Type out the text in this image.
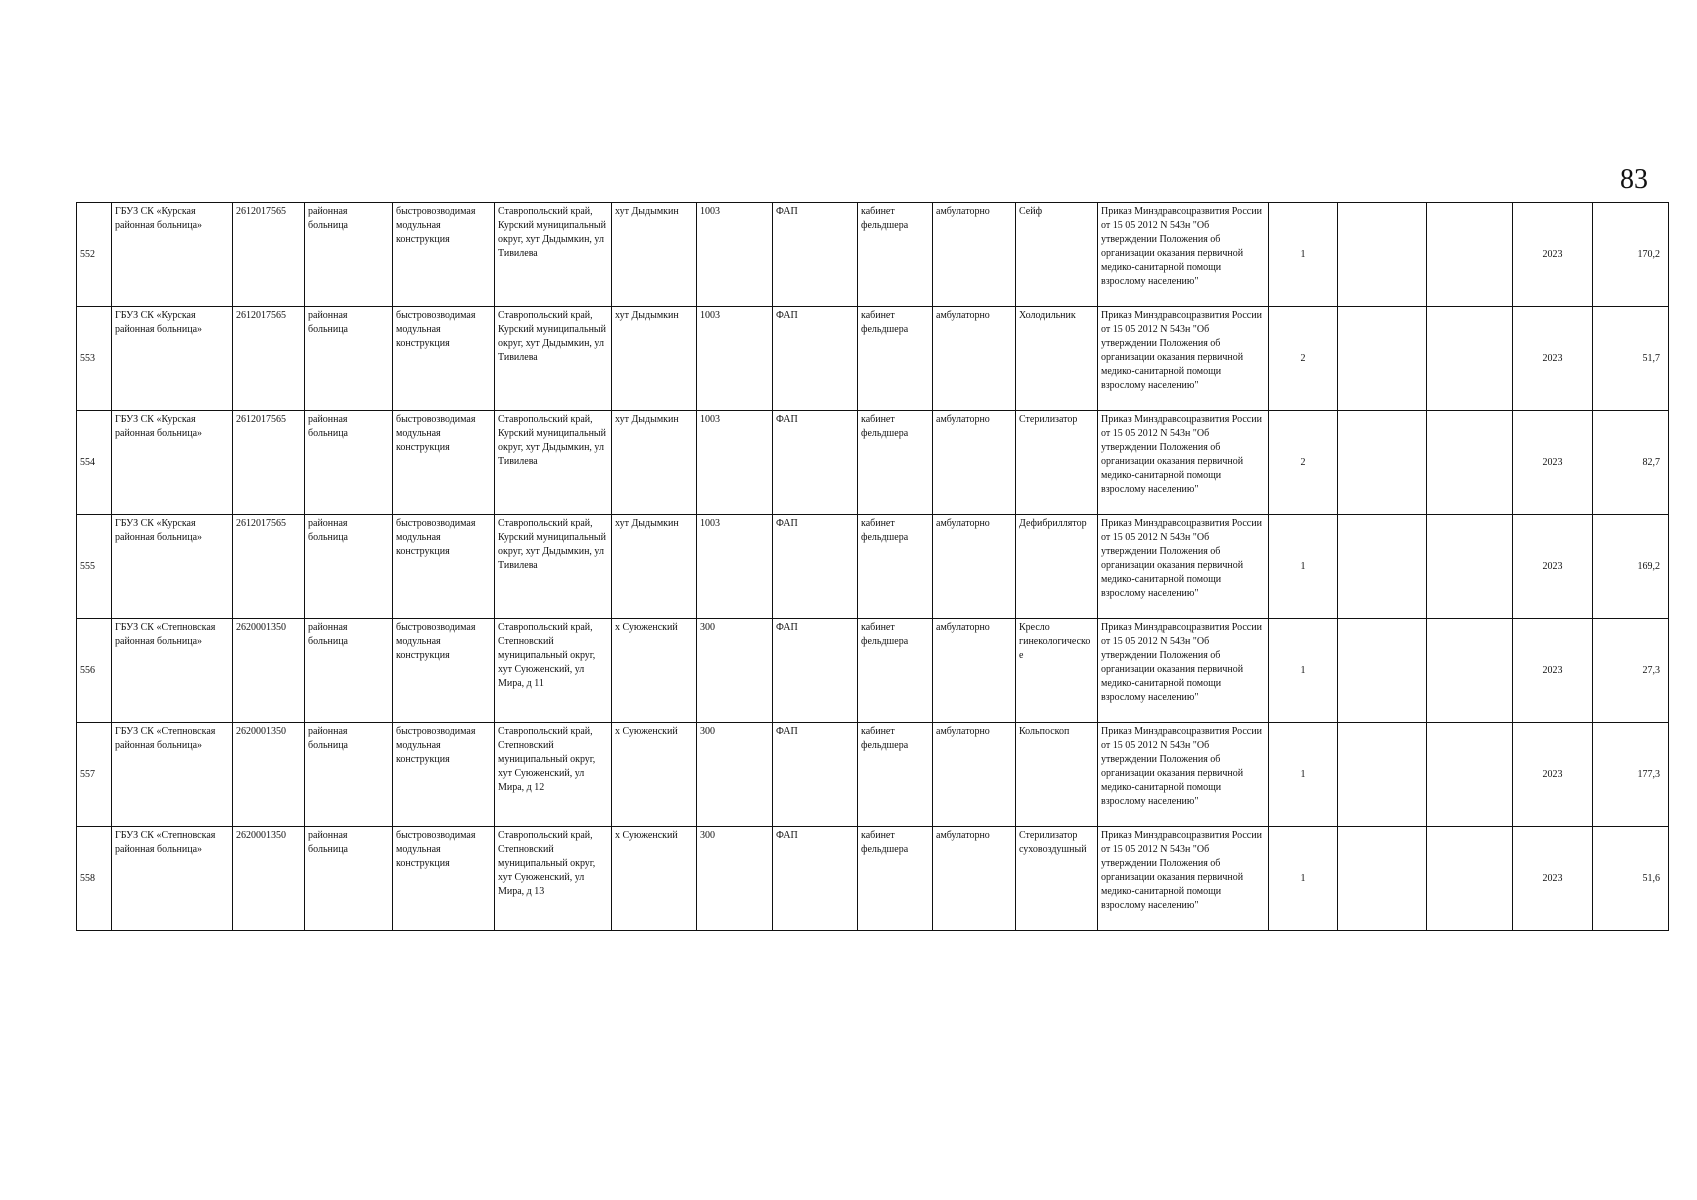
83
552	ГБУЗ СК «Курская районная больница»	2612017565	районная больница	быстровозводимая модульная конструкция	Ставропольский край, Курский муниципальный округ, хут Дыдымкин, ул Тивилева	хут Дыдымкин	1003	ФАП	кабинет фельдшера	амбулаторно	Сейф	Приказ Минздравсоцразвития России от 15 05 2012 N 543н "Об утверждении Положения об организации оказания первичной медико-санитарной помощи взрослому населению"	1			2023	170,2
553	ГБУЗ СК «Курская районная больница»	2612017565	районная больница	быстровозводимая модульная конструкция	Ставропольский край, Курский муниципальный округ, хут Дыдымкин, ул Тивилева	хут Дыдымкин	1003	ФАП	кабинет фельдшера	амбулаторно	Холодильник	Приказ Минздравсоцразвития России от 15 05 2012 N 543н "Об утверждении Положения об организации оказания первичной медико-санитарной помощи взрослому населению"	2			2023	51,7
554	ГБУЗ СК «Курская районная больница»	2612017565	районная больница	быстровозводимая модульная конструкция	Ставропольский край, Курский муниципальный округ, хут Дыдымкин, ул Тивилева	хут Дыдымкин	1003	ФАП	кабинет фельдшера	амбулаторно	Стерилизатор	Приказ Минздравсоцразвития России от 15 05 2012 N 543н "Об утверждении Положения об организации оказания первичной медико-санитарной помощи взрослому населению"	2			2023	82,7
555	ГБУЗ СК «Курская районная больница»	2612017565	районная больница	быстровозводимая модульная конструкция	Ставропольский край, Курский муниципальный округ, хут Дыдымкин, ул Тивилева	хут Дыдымкин	1003	ФАП	кабинет фельдшера	амбулаторно	Дефибриллятор	Приказ Минздравсоцразвития России от 15 05 2012 N 543н "Об утверждении Положения об организации оказания первичной медико-санитарной помощи взрослому населению"	1			2023	169,2
556	ГБУЗ СК «Степновская районная больница»	2620001350	районная больница	быстровозводимая модульная конструкция	Ставропольский край, Степновский муниципальный округ, хут Суюженский, ул Мира, д 11	х Суюженский	300	ФАП	кабинет фельдшера	амбулаторно	Кресло гинекологическое	Приказ Минздравсоцразвития России от 15 05 2012 N 543н "Об утверждении Положения об организации оказания первичной медико-санитарной помощи взрослому населению"	1			2023	27,3
557	ГБУЗ СК «Степновская районная больница»	2620001350	районная больница	быстровозводимая модульная конструкция	Ставропольский край, Степновский муниципальный округ, хут Суюженский, ул Мира, д 12	х Суюженский	300	ФАП	кабинет фельдшера	амбулаторно	Кольпоскоп	Приказ Минздравсоцразвития России от 15 05 2012 N 543н "Об утверждении Положения об организации оказания первичной медико-санитарной помощи взрослому населению"	1			2023	177,3
558	ГБУЗ СК «Степновская районная больница»	2620001350	районная больница	быстровозводимая модульная конструкция	Ставропольский край, Степновский муниципальный округ, хут Суюженский, ул Мира, д 13	х Суюженский	300	ФАП	кабинет фельдшера	амбулаторно	Стерилизатор суховоздушный	Приказ Минздравсоцразвития России от 15 05 2012 N 543н "Об утверждении Положения об организации оказания первичной медико-санитарной помощи взрослому населению"	1			2023	51,6
